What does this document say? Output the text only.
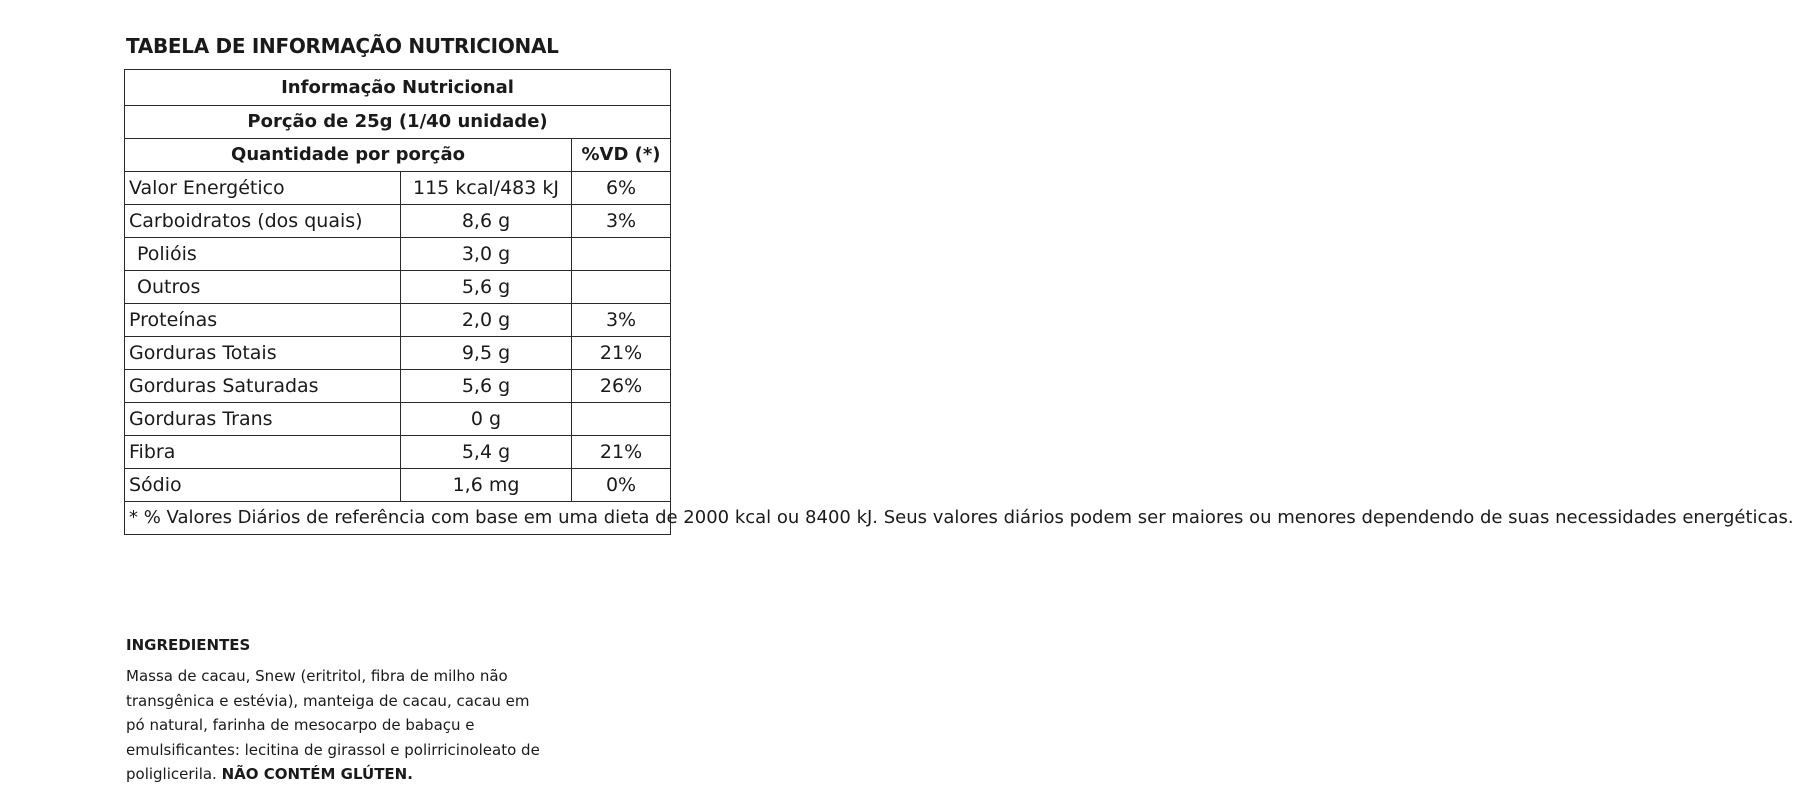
TABELA DE INFORMAÇÃO NUTRICIONAL
Informação Nutricional		
Porção de 25g (1/40 unidade)		
Quantidade por porção		%VD (*)
Valor Energético	115 kcal/483 kJ	6%
Carboidratos (dos quais)	8,6 g	3%
Polióis	3,0 g	
Outros	5,6 g	
Proteínas	2,0 g	3%
Gorduras Totais	9,5 g	21%
Gorduras Saturadas	5,6 g	26%
Gorduras Trans	0 g	
Fibra	5,4 g	21%
Sódio	1,6 mg	0%
* % Valores Diários de referência com base em uma dieta de 2000 kcal ou 8400 kJ. Seus valores diários podem ser maiores ou menores dependendo de suas necessidades energéticas.		
INGREDIENTES
Massa de cacau, Snew (eritritol, fibra de milho não transgênica e estévia), manteiga de cacau, cacau em pó natural, farinha de mesocarpo de babaçu e emulsificantes: lecitina de girassol e polirricinoleato de poliglicerila. NÃO CONTÉM GLÚTEN.
